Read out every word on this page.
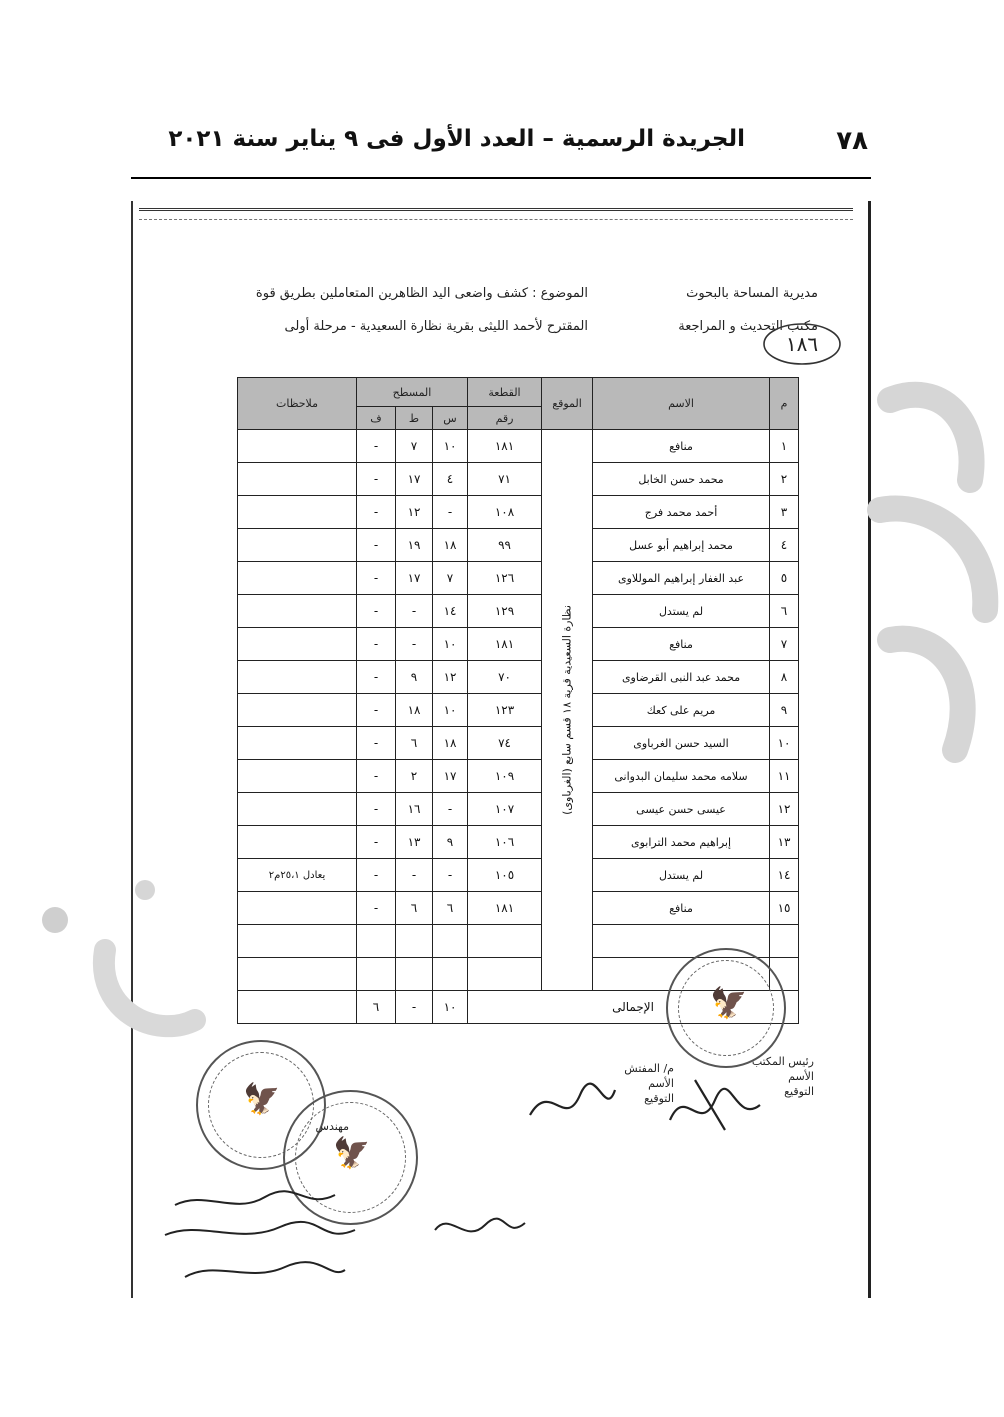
٧٨
الجريدة الرسمية – العدد الأول فى ٩ يناير سنة ٢٠٢١
مديرية المساحة بالبحوث
مكتب التحديث و المراجعة
الموضوع : كشف واضعى اليد الظاهرين المتعاملين بطريق قوة
المقترح لأحمد الليثى بقرية نظارة السعيدية - مرحلة أولى
١٨٦
م	الاسم	الموقع	القطعة	المسطح			ملاحظات
			رقم	س	ط	ف	
١	منافع	نظارة السعيدية قرية ١٨ قسم سابع (الغرباوى)	١٨١	١٠	٧	-	
٢	محمد حسن الخابل		٧١	٤	١٧	-	
٣	أحمد محمد فرج		١٠٨	-	١٢	-	
٤	محمد إبراهيم أبو عسل		٩٩	١٨	١٩	-	
٥	عبد الغفار إبراهيم الموللاوى		١٢٦	٧	١٧	-	
٦	لم يستدل		١٢٩	١٤	-	-	
٧	منافع		١٨١	١٠	-	-	
٨	محمد عبد النبى القرضاوى		٧٠	١٢	٩	-	
٩	مريم على كعك		١٢٣	١٠	١٨	-	
١٠	السيد حسن الغرباوى		٧٤	١٨	٦	-	
١١	سلامه محمد سليمان البدوانى		١٠٩	١٧	٢	-	
١٢	عيسى حسن عيسى		١٠٧	-	١٦	-	
١٣	إبراهيم محمد الترابوى		١٠٦	٩	١٣	-	
١٤	لم يستدل		١٠٥	-	-	-	يعادل ٢٥،١م٢
١٥	منافع		١٨١	٦	٦	-	

الإجمالى				١٠	-	٦	
🦅
🦅
🦅
رئيس المكتب
الأسم
التوقيع
م/ المفتش
الأسم
التوقيع
مهندس
